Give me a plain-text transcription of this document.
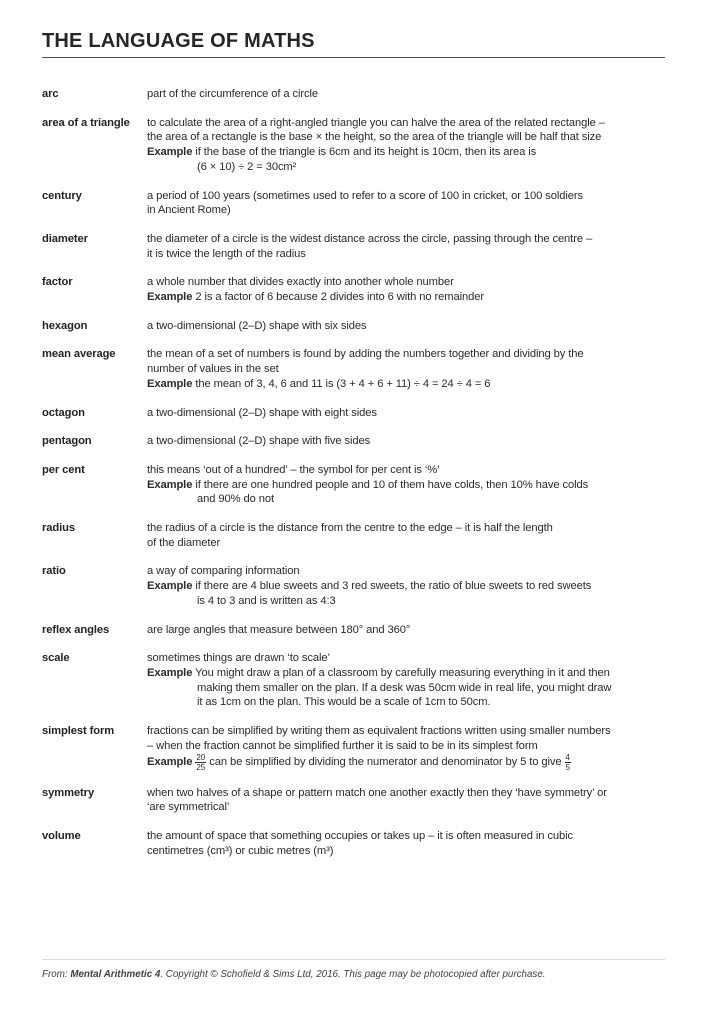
THE LANGUAGE OF MATHS
arc	part of the circumference of a circle
area of a triangle	to calculate the area of a right-angled triangle you can halve the area of the related rectangle –
the area of a rectangle is the base × the height, so the area of the triangle will be half that size
Example if the base of the triangle is 6cm and its height is 10cm, then its area is
(6 × 10) ÷ 2 = 30cm²
century	a period of 100 years (sometimes used to refer to a score of 100 in cricket, or 100 soldiers
in Ancient Rome)
diameter	the diameter of a circle is the widest distance across the circle, passing through the centre –
it is twice the length of the radius
factor	a whole number that divides exactly into another whole number
Example 2 is a factor of 6 because 2 divides into 6 with no remainder
hexagon	a two-dimensional (2–D) shape with six sides
mean average	the mean of a set of numbers is found by adding the numbers together and dividing by the
number of values in the set
Example the mean of 3, 4, 6 and 11 is (3 + 4 + 6 + 11) ÷ 4 = 24 ÷ 4 = 6
octagon	a two-dimensional (2–D) shape with eight sides
pentagon	a two-dimensional (2–D) shape with five sides
per cent	this means ‘out of a hundred’ – the symbol for per cent is ‘%’
Example if there are one hundred people and 10 of them have colds, then 10% have colds
and 90% do not
radius	the radius of a circle is the distance from the centre to the edge – it is half the length
of the diameter
ratio	a way of comparing information
Example if there are 4 blue sweets and 3 red sweets, the ratio of blue sweets to red sweets
is 4 to 3 and is written as 4:3
reflex angles	are large angles that measure between 180° and 360°
scale	sometimes things are drawn ‘to scale’
Example You might draw a plan of a classroom by carefully measuring everything in it and then
making them smaller on the plan. If a desk was 50cm wide in real life, you might draw
it as 1cm on the plan. This would be a scale of 1cm to 50cm.
simplest form	fractions can be simplified by writing them as equivalent fractions written using smaller numbers
– when the fraction cannot be simplified further it is said to be in its simplest form
Example $\frac{20}{25}$ can be simplified by dividing the numerator and denominator by 5 to give $\frac{4}{5}$
symmetry	when two halves of a shape or pattern match one another exactly then they ‘have symmetry’ or
‘are symmetrical’
volume	the amount of space that something occupies or takes up – it is often measured in cubic
centimetres (cm³) or cubic metres (m³)

From: Mental Arithmetic 4. Copyright © Schofield & Sims Ltd, 2016. This page may be photocopied after purchase.
